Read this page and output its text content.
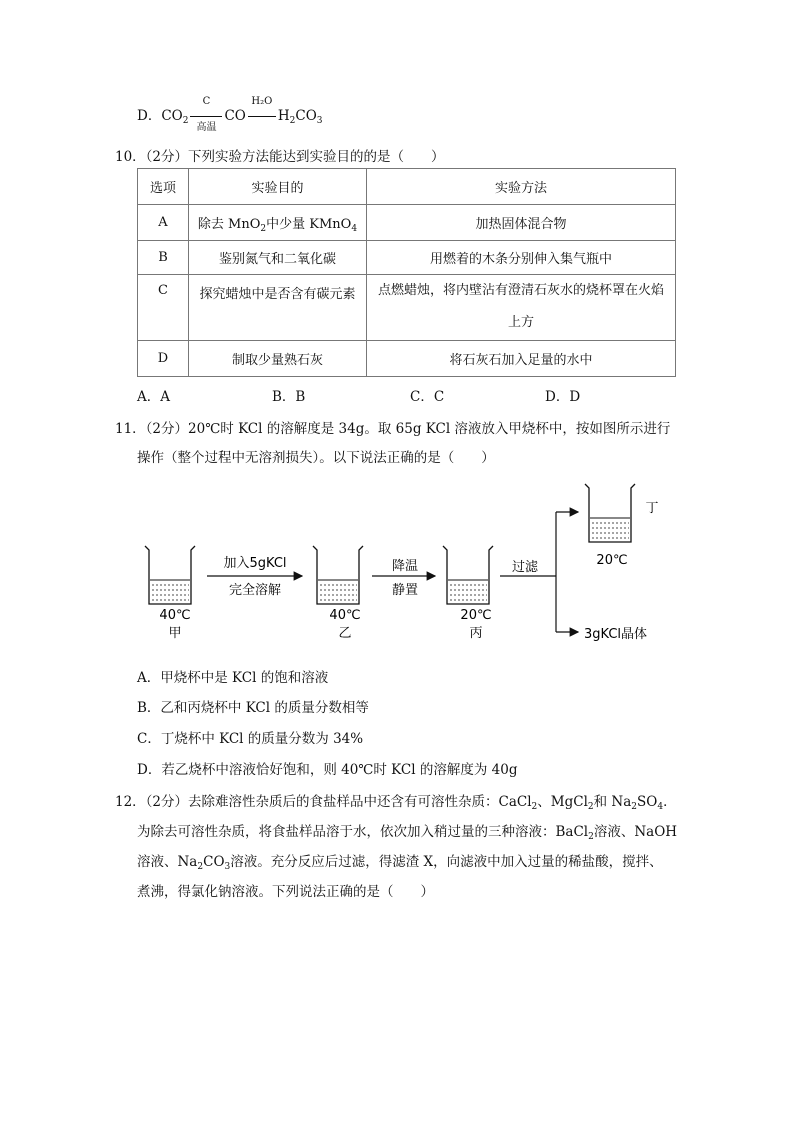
D．$CO_2$
C
高温
CO
H₂O
$H_2CO_3$
10．（2分）下列实验方法能达到实验目的的是（　　）
选项	实验目的	实验方法
A	除去 MnO$_2$中少量 KMnO$_4$	加热固体混合物
B	鉴别氮气和二氧化碳	用燃着的木条分别伸入集气瓶中
C	探究蜡烛中是否含有碳元素	点燃蜡烛，将内壁沾有澄清石灰水的烧杯罩在火焰
上方

D	制取少量熟石灰	将石灰石加入足量的水中
A．A	B．B	C．C	D．D
11．（2分）20℃时 KCl 的溶解度是 34g。取 65g KCl 溶液放入甲烧杯中，按如图所示进行
操作（整个过程中无溶剂损失）。以下说法正确的是（　　）
40℃
甲
加入5gKCl
完全溶解
40℃
乙
降温
静置
20℃
丙
过滤	20℃
丁
3gKCl晶体
A．甲烧杯中是 KCl 的饱和溶液
B．乙和丙烧杯中 KCl 的质量分数相等
C．丁烧杯中 KCl 的质量分数为 34%
D．若乙烧杯中溶液恰好饱和，则 40℃时 KCl 的溶解度为 40g
12．（2分）去除难溶性杂质后的食盐样品中还含有可溶性杂质：CaCl$_2$、MgCl$_2$和 $Na_2SO_4$．
为除去可溶性杂质，将食盐样品溶于水，依次加入稍过量的三种溶液：BaCl$_2$溶液、NaOH
溶液、$Na_2CO_3$溶液。充分反应后过滤，得滤渣 X，向滤液中加入过量的稀盐酸，搅拌、
煮沸，得氯化钠溶液。下列说法正确的是（　　）
